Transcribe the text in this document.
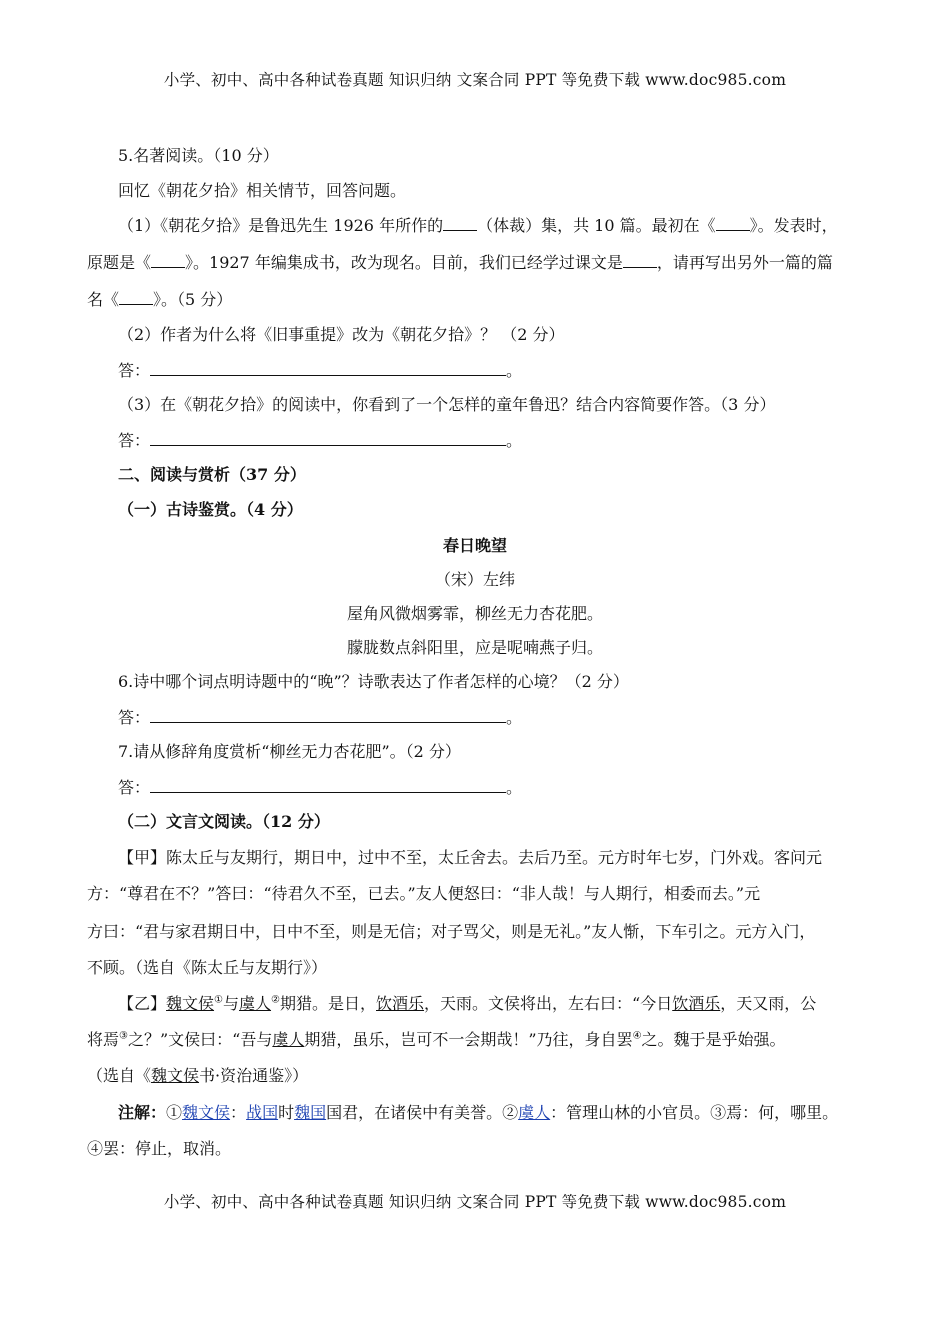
小学、初中、高中各种试卷真题 知识归纳 文案合同 PPT 等免费下载 www.doc985.com
5.名著阅读。（10 分）
回忆《朝花夕拾》相关情节，回答问题。
（1）《朝花夕拾》是鲁迅先生 1926 年所作的 （体裁）集，共 10 篇。最初在《 》。发表时，
原题是《 》。1927 年编集成书，改为现名。目前，我们已经学过课文是 ，请再写出另外一篇的篇
名《 》。（5 分）
（2）作者为什么将《旧事重提》改为《朝花夕拾》？ （2 分）
答：	。
（3）在《朝花夕拾》的阅读中，你看到了一个怎样的童年鲁迅？结合内容简要作答。（3 分）
答：	。
二、阅读与赏析（37 分）
（一）古诗鉴赏。（4 分）
春日晚望
（宋）左纬
屋角风微烟雾霏，柳丝无力杏花肥。
朦胧数点斜阳里，应是呢喃燕子归。
6.诗中哪个词点明诗题中的“晚”？诗歌表达了作者怎样的心境？（2 分）
答：	。
7.请从修辞角度赏析“柳丝无力杏花肥”。（2 分）
答：	。
（二）文言文阅读。（12 分）
【甲】陈太丘与友期行，期日中，过中不至，太丘舍去。去后乃至。元方时年七岁，门外戏。客问元
方：“尊君在不？”答曰：“待君久不至，已去。”友人便怒曰：“非人哉！与人期行，相委而去。”元
方曰：“君与家君期日中，日中不至，则是无信；对子骂父，则是无礼。”友人惭，下车引之。元方入门，
不顾。（选自《陈太丘与友期行》）
【乙】魏文侯①与虞人②期猎。是日，饮酒乐，天雨。文侯将出，左右曰：“今日饮酒乐，天又雨，公
将焉③之？”文侯曰：“吾与虞人期猎，虽乐，岂可不一会期哉！”乃往，身自罢④之。魏于是乎始强。
（选自《魏文侯书·资治通鉴》）
注解：①魏文侯：战国时魏国国君，在诸侯中有美誉。②虞人：管理山林的小官员。③焉：何，哪里。
④罢：停止，取消。
小学、初中、高中各种试卷真题 知识归纳 文案合同 PPT 等免费下载 www.doc985.com
